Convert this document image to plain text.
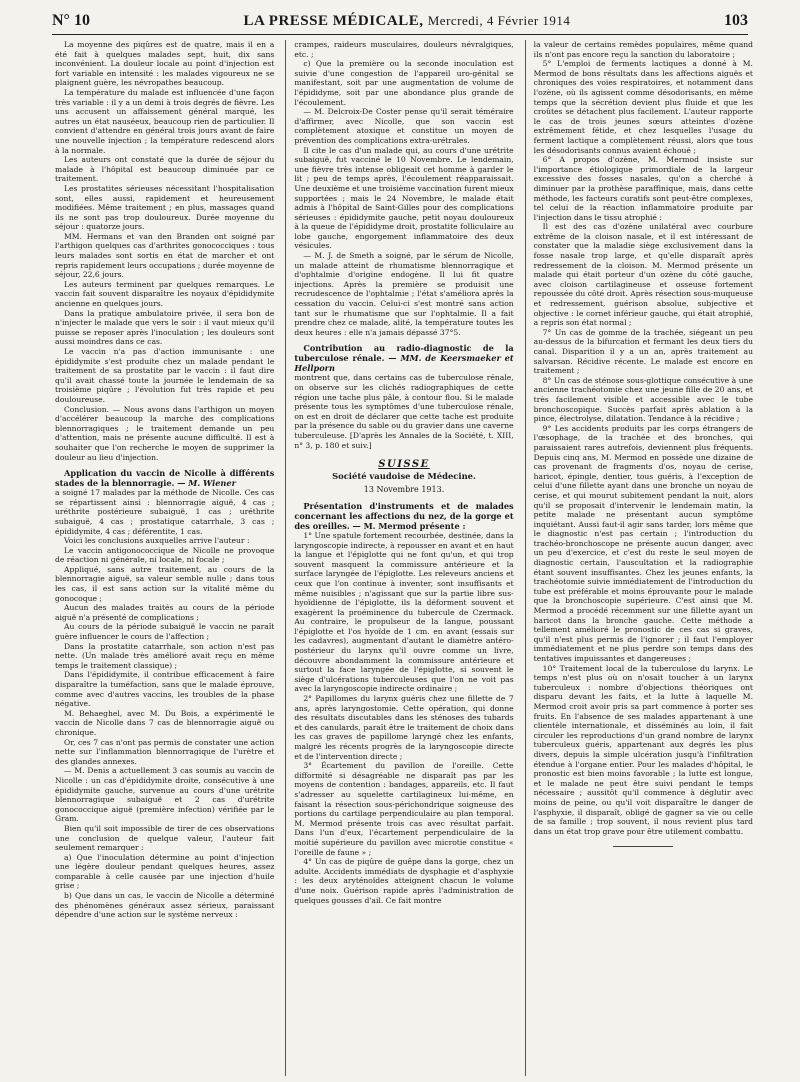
N° 10	LA PRESSE MÉDICALE, Mercredi, 4 Février 1914	103

La moyenne des piqûres est de quatre, mais il en a été fait à quelques malades sept, huit, dix sans inconvénient. La douleur locale au point d'injection est fort variable en intensité : les malades vigoureux ne se plaignent guère, les névropathes beaucoup.

La température du malade est influencée d'une façon très variable : il y a un demi à trois degrés de fièvre. Les uns accusent un affaissement général marqué, les autres un état nauséeux, beaucoup rien de particulier. Il convient d'attendre en général trois jours avant de faire une nouvelle injection ; la température redescend alors à la normale.

Les auteurs ont constaté que la durée de séjour du malade à l'hôpital est beaucoup diminuée par ce traitement.

Les prostatites sérieuses nécessitant l'hospitalisation sont, elles aussi, rapidement et heureusement modifiées. Même traitement ; en plus, massages quand ils ne sont pas trop douloureux. Durée moyenne du séjour : quatorze jours.

MM. Hermans et van den Branden ont soigné par l'arthigon quelques cas d'arthrites gonococciques : tous leurs malades sont sortis en état de marcher et ont repris rapidement leurs occupations ; durée moyenne de séjour, 22,6 jours.

Les auteurs terminent par quelques remarques. Le vaccin fait souvent disparaître les noyaux d'épididymite ancienne en quelques jours.

Dans la pratique ambulatoire privée, il sera bon de n'injecter le malade que vers le soir : il vaut mieux qu'il puisse se reposer après l'inoculation ; les douleurs sont aussi moindres dans ce cas.

Le vaccin n'a pas d'action immunisante : une épididymite s'est produite chez un malade pendant le traitement de sa prostatite par le vaccin : il faut dire qu'il avait chassé toute la journée le lendemain de sa troisième piqûre ; l'évolution fut très rapide et peu douloureuse.

Conclusion. — Nous avons dans l'arthigon un moyen d'accélérer beaucoup la marche des complications blennorragiques ; le traitement demande un peu d'attention, mais ne présente aucune difficulté. Il est à souhaiter que l'on recherche le moyen de supprimer la douleur au lieu d'injection.

Application du vaccin de Nicolle à différents stades de la blennorragie. — M. Wiener

a soigné 17 malades par la méthode de Nicolle. Ces cas se répartissent ainsi : blennorragie aiguë, 4 cas ; uréthrite postérieure subaiguë, 1 cas ; uréthrite subaiguë, 4 cas ; prostatique catarrhale, 3 cas ; épididymite, 4 cas ; déférentite, 1 cas.

Voici les conclusions auxquelles arrive l'auteur :

Le vaccin antigonococcique de Nicolle ne provoque de réaction ni générale, ni locale, ni focale ;

Appliqué, sans autre traitement, au cours de la blennorragie aiguë, sa valeur semble nulle ; dans tous les cas, il est sans action sur la vitalité même du gonocoque ;

Aucun des malades traités au cours de la période aiguë n'a présenté de complications ;

Au cours de la période subaiguë le vaccin ne paraît guère influencer le cours de l'affection ;

Dans la prostatite catarrhale, son action n'est pas nette. (Un malade très amélioré avait reçu en même temps le traitement classique) ;

Dans l'épididymite, il contribue efficacement à faire disparaître la tuméfaction, sans que le malade éprouve, comme avec d'autres vaccins, les troubles de la phase négative.

M. Behaeghel, avec M. Du Bois, a expérimenté le vaccin de Nicolle dans 7 cas de blennorragie aiguë ou chronique.

Or, ces 7 cas n'ont pas permis de constater une action nette sur l'inflammation blennorragique de l'urètre et des glandes annexes.

— M. Denis a actuellement 3 cas soumis au vaccin de Nicolle : un cas d'épididymite droite, consécutive à une épididymite gauche, survenue au cours d'une urétrite blennorragique subaiguë et 2 cas d'urétrite gonococcique aiguë (première infection) vérifiée par le Gram.

Bien qu'il soit impossible de tirer de ces observations une conclusion de quelque valeur, l'auteur fait seulement remarquer :

a) Que l'inoculation détermine au point d'injection une légère douleur pendant quelques heures, assez comparable à celle causée par une injection d'huile grise ;

b) Que dans un cas, le vaccin de Nicolle a déterminé des phénomènes généraux assez sérieux, paraissant dépendre d'une action sur le système nerveux :

crampes, raideurs musculaires, douleurs névralgiques, etc. ;

c) Que la première ou la seconde inoculation est suivie d'une congestion de l'appareil uro-génital se manifestant, soit par une augmentation de volume de l'épididyme, soit par une abondance plus grande de l'écoulement.

— M. Delcroix-De Coster pense qu'il serait téméraire d'affirmer, avec Nicolle, que son vaccin est complètement atoxique et constitue un moyen de prévention des complications extra-urétrales.

Il cite le cas d'un malade qui, au cours d'une urétrite subaiguë, fut vacciné le 10 Novembre. Le lendemain, une fièvre très intense obligeait cet homme à garder le lit ; peu de temps après, l'écoulement réapparaissait. Une deuxième et une troisième vaccination furent mieux supportées ; mais le 24 Novembre, le malade était admis à l'hôpital de Saint-Gilles pour des complications sérieuses : épididymite gauche, petit noyau douloureux à la queue de l'épididyme droit, prostatite folliculaire au lobe gauche, engorgement inflammatoire des deux vésicules.

— M. J. de Smeth a soigné, par le sérum de Nicolle, un malade atteint de rhumatisme blennorragique et d'ophtalmie d'origine endogène. Il lui fit quatre injections. Après la première se produisit une recrudescence de l'ophtalmie ; l'état s'améliora après la cessation du vaccin. Celui-ci s'est montré sans action tant sur le rhumatisme que sur l'ophtalmie. Il a fait prendre chez ce malade, alité, la température toutes les deux heures : elle n'a jamais dépassé 37°5.

Contribution au radio-diagnostic de la tuberculose rénale. — MM. de Keersmaeker et Hellporn

montrent que, dans certains cas de tuberculose rénale, on observe sur les clichés radiographiques de cette région une tache plus pâle, à contour flou. Si le malade présente tous les symptômes d'une tuberculose rénale, on est en droit de déclarer que cette tache est produite par la présence du sable ou du gravier dans une caverne tuberculeuse. [D'après les Annales de la Société, t. XIII, n° 3, p. 180 et suiv.]

SUISSE

Société vaudoise de Médecine.

13 Novembre 1913.

Présentation d'instruments et de malades concernant les affections du nez, de la gorge et des oreilles. — M. Mermod présente :

1° Une spatule fortement recourbée, destinée, dans la laryngoscopie indirecte, à repousser en avant et en haut la langue et l'épiglotte qui ne font qu'un, et qui trop souvent masquent la commissure antérieure et la surface laryngée de l'épiglotte. Les releveurs anciens et ceux que l'on continue à inventer, sont insuffisants et même nuisibles ; n'agissant que sur la partie libre sus-hyoïdienne de l'épiglotte, ils la déforment souvent et exagèrent la proéminence du tubercule de Czermack. Au contraire, le propulseur de la langue, poussant l'épiglotte et l'os hyoïde de 1 cm. en avant (essais sur les cadavres), augmentant d'autant le diamètre antéro-postérieur du larynx qu'il ouvre comme un livre, découvre abondamment la commissure antérieure et surtout la face laryngée de l'épiglotte, si souvent le siège d'ulcérations tuberculeuses que l'on ne voit pas avec la laryngoscopie indirecte ordinaire ;

2° Papillomes du larynx guéris chez une fillette de 7 ans, après laryngostomie. Cette opération, qui donne des résultats discutables dans les sténoses des tubards et des canulards, paraît être le traitement de choix dans les cas graves de papillome laryngé chez les enfants, malgré les récents progrès de la laryngoscopie directe et de l'intervention directe ;

3° Écartement du pavillon de l'oreille. Cette difformité si désagréable ne disparaît pas par les moyens de contention : bandages, appareils, etc. Il faut s'adresser au squelette cartilagineux lui-même, en faisant la résection sous-périchondrique soigneuse des portions du cartilage perpendiculaire au plan temporal. M. Mermod présente trois cas avec résultat parfait. Dans l'un d'eux, l'écartement perpendiculaire de la moitié supérieure du pavillon avec microtie constitue « l'oreille de faune » ;

4° Un cas de piqûre de guêpe dans la gorge, chez un adulte. Accidents immédiats de dysphagie et d'asphyxie : les deux aryténoïdes atteignent chacun le volume d'une noix. Guérison rapide après l'administration de quelques gousses d'ail. Ce fait montre

la valeur de certains remèdes populaires, même quand ils n'ont pas encore reçu la sanction du laboratoire ;

5° L'emploi de ferments lactiques a donné à M. Mermod de bons résultats dans les affections aiguës et chroniques des voies respiratoires, et notamment dans l'ozène, où ils agissent comme désodorisants, en même temps que la sécrétion devient plus fluide et que les croûtes se détachent plus facilement. L'auteur rapporte le cas de trois jeunes sœurs atteintes d'ozène extrêmement fétide, et chez lesquelles l'usage du ferment lactique a complètement réussi, alors que tous les désodorisants connus avaient échoué ;

6° A propos d'ozène, M. Mermod insiste sur l'importance étiologique primordiale de la largeur excessive des fosses nasales, qu'on a cherché à diminuer par la prothèse paraffinique, mais, dans cette méthode, les facteurs curatifs sont peut-être complexes, tel celui de la réaction inflammatoire produite par l'injection dans le tissu atrophié :

Il est des cas d'ozène unilatéral avec courbure extrême de la cloison nasale, et il est intéressant de constater que la maladie siège exclusivement dans la fosse nasale trop large, et qu'elle disparaît après redressement de la cloison. M. Mermod présente un malade qui était porteur d'un ozène du côté gauche, avec cloison cartilagineuse et osseuse fortement repoussée du côté droit. Après résection sous-muqueuse et redressement, guérison absolue, subjective et objective : le cornet inférieur gauche, qui était atrophié, a repris son état normal ;

7° Un cas de gomme de la trachée, siégeant un peu au-dessus de la bifurcation et fermant les deux tiers du canal. Disparition il y a un an, après traitement au salvarsan. Récidive récente. Le malade est encore en traitement ;

8° Un cas de sténose sous-glottique consécutive à une ancienne trachéotomie chez une jeune fille de 20 ans, et très facilement visible et accessible avec le tube bronchoscopique. Succès parfait après ablation à la pince, électrolyse, dilatation. Tendance à la récidive ;

9° Les accidents produits par les corps étrangers de l'œsophage, de la trachée et des bronches, qui paraissaient rares autrefois, deviennent plus fréquents. Depuis cinq ans, M. Mermod en possède une dizaine de cas provenant de fragments d'os, noyau de cerise, haricot, épingle, dentier, tous guéris, à l'exception de celui d'une fillette ayant dans une bronche un noyau de cerise, et qui mourut subitement pendant la nuit, alors qu'il se proposait d'intervenir le lendemain matin, la petite malade ne présentant aucun symptôme inquiétant. Aussi faut-il agir sans tarder, lors même que le diagnostic n'est pas certain ; l'introduction du trachéo-bronchoscope ne présente aucun danger, avec un peu d'exercice, et c'est du reste le seul moyen de diagnostic certain, l'auscultation et la radiographie étant souvent insuffisantes. Chez les jeunes enfants, la trachéotomie suivie immédiatement de l'introduction du tube est préférable et moins éprouvante pour le malade que la bronchoscopie supérieure. C'est ainsi que M. Mermod a procédé récemment sur une fillette ayant un haricot dans la bronche gauche. Cette méthode a tellement amélioré le pronostic de ces cas si graves, qu'il n'est plus permis de l'ignorer ; il faut l'employer immédiatement et ne plus perdre son temps dans des tentatives impuissantes et dangereuses ;

10° Traitement local de la tuberculose du larynx. Le temps n'est plus où on n'osait toucher à un larynx tuberculeux : nombre d'objections théoriques ont disparu devant les faits, et la lutte à laquelle M. Mermod croit avoir pris sa part commence à porter ses fruits. En l'absence de ses malades appartenant à une clientèle internationale, et disséminés au loin, il fait circuler les reproductions d'un grand nombre de larynx tuberculeux guéris, appartenant aux degrés les plus divers, depuis la simple ulcération jusqu'à l'infiltration étendue à l'organe entier. Pour les malades d'hôpital, le pronostic est bien moins favorable ; la lutte est longue, et le malade ne peut être suivi pendant le temps nécessaire ; aussitôt qu'il commence à déglutir avec moins de peine, ou qu'il voit disparaître le danger de l'asphyxie, il disparaît, obligé de gagner sa vie ou celle de sa famille ; trop souvent, il nous revient plus tard dans un état trop grave pour être utilement combattu.
